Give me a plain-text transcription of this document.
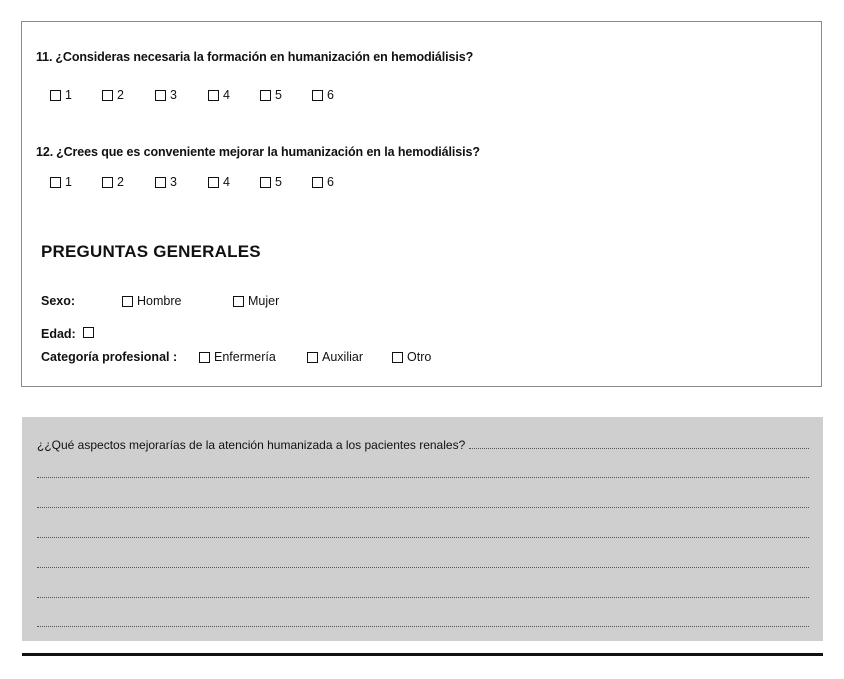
11. ¿Consideras necesaria la formación en humanización en hemodiálisis?
1	2	3	4	5	6
12. ¿Crees que es conveniente mejorar la humanización en la hemodiálisis?
1	2	3	4	5	6
PREGUNTAS GENERALES
Sexo:	Hombre	Mujer
Edad:
Categoría profesional :	Enfermería	Auxiliar	Otro
¿¿Qué aspectos mejorarías de la atención humanizada a los pacientes renales?
